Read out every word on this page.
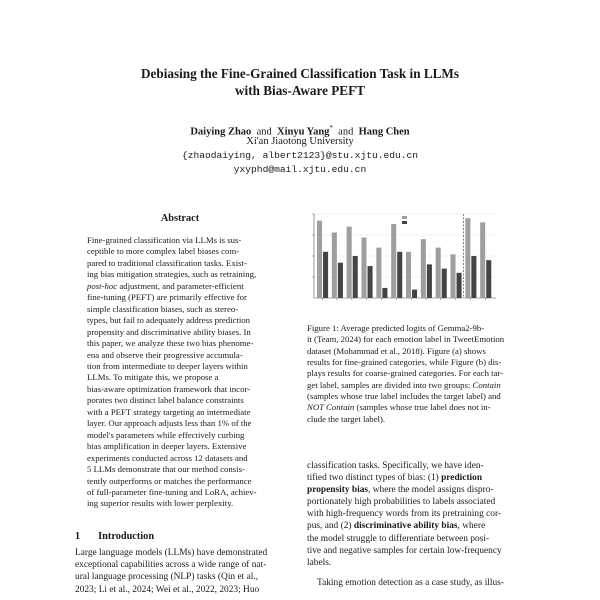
Debiasing the Fine-Grained Classification Task in LLMs
with Bias-Aware PEFT
Daiying Zhao and Xinyu Yang* and Hang Chen
Xi'an Jiaotong University
{zhaodaiying, albert2123}@stu.xjtu.edu.cn
yxyphd@mail.xjtu.edu.cn
Abstract
Fine-grained classification via LLMs is sus-
ceptible to more complex label biases com-
pared to traditional classification tasks. Exist-
ing bias mitigation strategies, such as retraining,
post-hoc adjustment, and parameter-efficient
fine-tuning (PEFT) are primarily effective for
simple classification biases, such as stereo-
types, but fail to adequately address prediction
propensity and discriminative ability biases. In
this paper, we analyze these two bias phenome-
ena and observe their progressive accumula-
tion from intermediate to deeper layers within
LLMs. To mitigate this, we propose a
bias-aware optimization framework that incor-
porates two distinct label balance constraints
with a PEFT strategy targeting an intermediate
layer. Our approach adjusts less than 1% of the
model's parameters while effectively curbing
bias amplification in deeper layers. Extensive
experiments conducted across 12 datasets and
5 LLMs demonstrate that our method consis-
tently outperforms or matches the performance
of full-parameter fine-tuning and LoRA, achiev-
ing superior results with lower perplexity.
1 Introduction
Large language models (LLMs) have demonstrated
exceptional capabilities across a wide range of nat-
ural language processing (NLP) tasks (Qin et al.,
2023; Li et al., 2024; Wei et al., 2022, 2023; Huo
Figure 1: Average predicted logits of Gemma2-9b-
it (Team, 2024) for each emotion label in TweetEmotion
dataset (Mohammad et al., 2018). Figure (a) shows
results for fine-grained categories, while Figure (b) dis-
plays results for coarse-grained categories. For each tar-
get label, samples are divided into two groups: Contain
(samples whose true label includes the target label) and
NOT Contain (samples whose true label does not in-
clude the target label).
classification tasks. Specifically, we have iden-
tified two distinct types of bias: (1) prediction
propensity bias, where the model assigns dispro-
portionately high probabilities to labels associated
with high-frequency words from its pretraining cor-
pus, and (2) discriminative ability bias, where
the model struggle to differentiate between posi-
tive and negative samples for certain low-frequency
labels.
Taking emotion detection as a case study, as illus-
